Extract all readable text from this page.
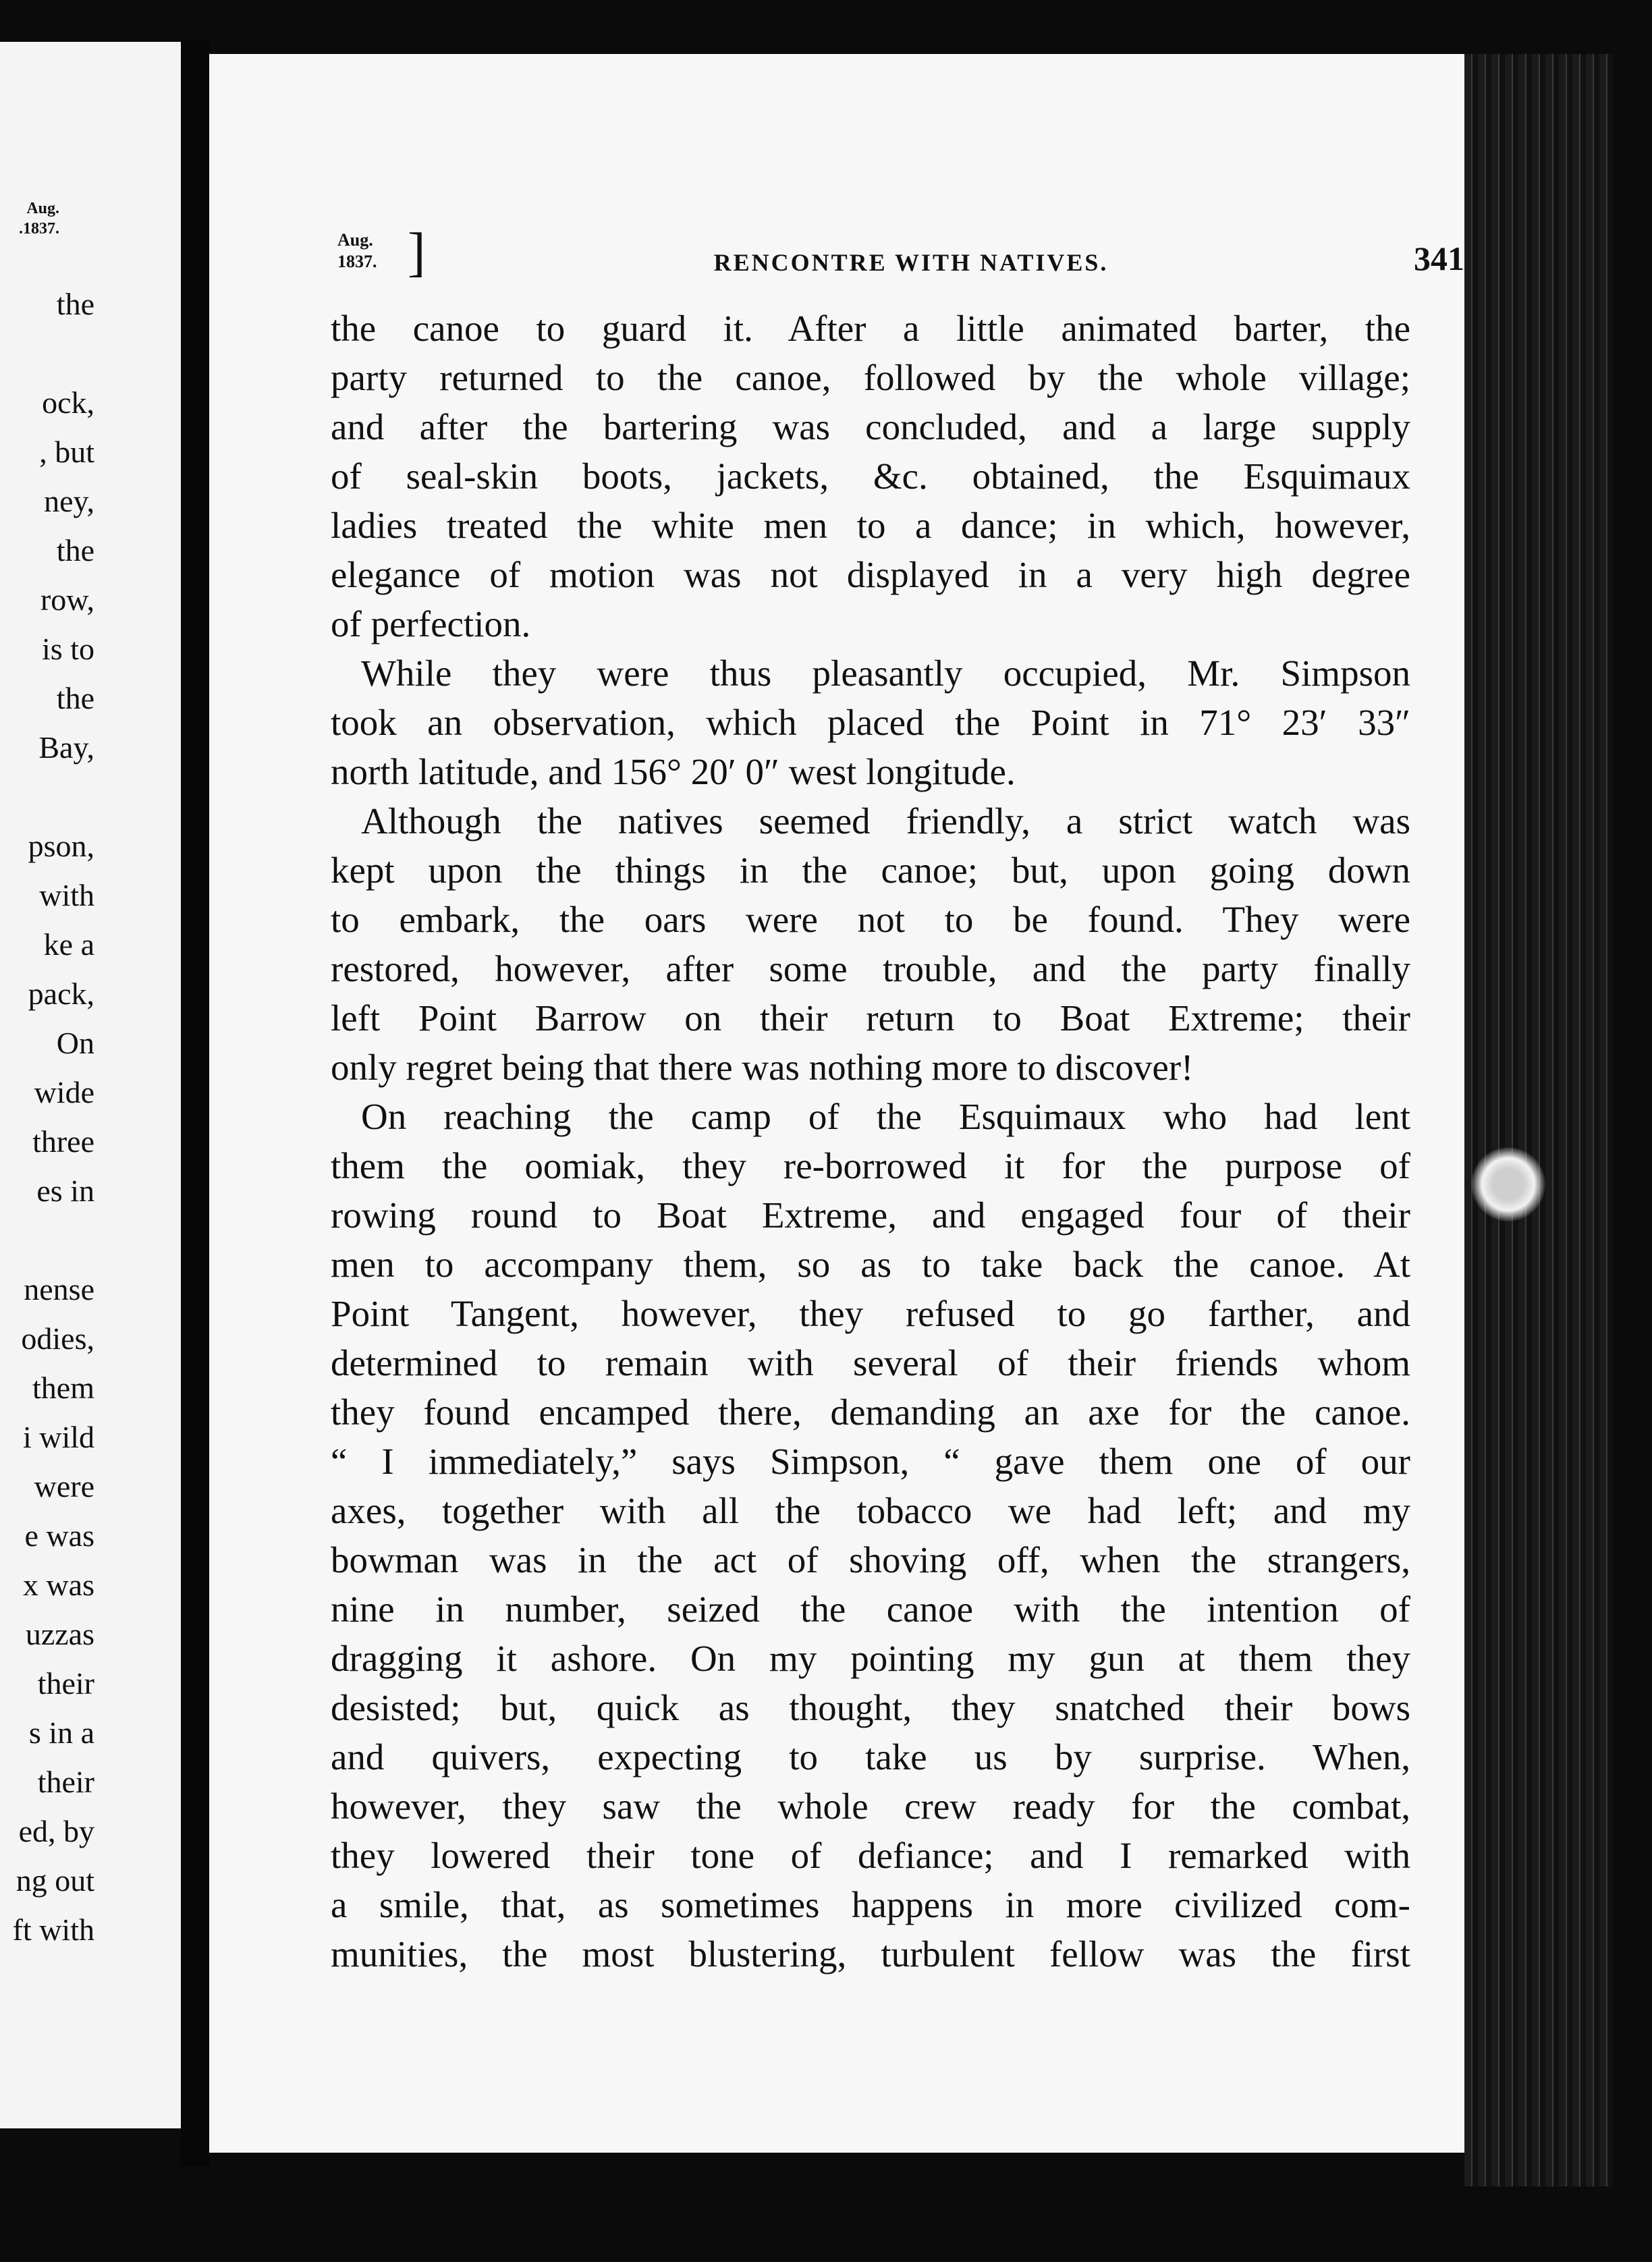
Aug.
.1837.
the
ock,
, but
ney,
the
row,
is to
the
Bay,
pson,
with
ke a
pack,
On
wide
three
es in
nense
odies,
them
i wild
were
e was
x was
uzzas
their
s in a
their
ed, by
ng out
ft with
Aug.
1837. ]	RENCONTRE WITH NATIVES.	341
the canoe to guard it. After a little animated barter, the
party returned to the canoe, followed by the whole village;
and after the bartering was concluded, and a large supply
of seal-skin boots, jackets, &c. obtained, the Esquimaux
ladies treated the white men to a dance; in which, however,
elegance of motion was not displayed in a very high degree
of perfection.
While they were thus pleasantly occupied, Mr. Simpson
took an observation, which placed the Point in 71° 23′ 33″
north latitude, and 156° 20′ 0″ west longitude.
Although the natives seemed friendly, a strict watch was
kept upon the things in the canoe; but, upon going down
to embark, the oars were not to be found. They were
restored, however, after some trouble, and the party finally
left Point Barrow on their return to Boat Extreme; their
only regret being that there was nothing more to discover!
On reaching the camp of the Esquimaux who had lent
them the oomiak, they re-borrowed it for the purpose of
rowing round to Boat Extreme, and engaged four of their
men to accompany them, so as to take back the canoe. At
Point Tangent, however, they refused to go farther, and
determined to remain with several of their friends whom
they found encamped there, demanding an axe for the canoe.
“ I immediately,” says Simpson, “ gave them one of our
axes, together with all the tobacco we had left; and my
bowman was in the act of shoving off, when the strangers,
nine in number, seized the canoe with the intention of
dragging it ashore. On my pointing my gun at them they
desisted; but, quick as thought, they snatched their bows
and quivers, expecting to take us by surprise. When,
however, they saw the whole crew ready for the combat,
they lowered their tone of defiance; and I remarked with
a smile, that, as sometimes happens in more civilized com-
munities, the most blustering, turbulent fellow was the first
